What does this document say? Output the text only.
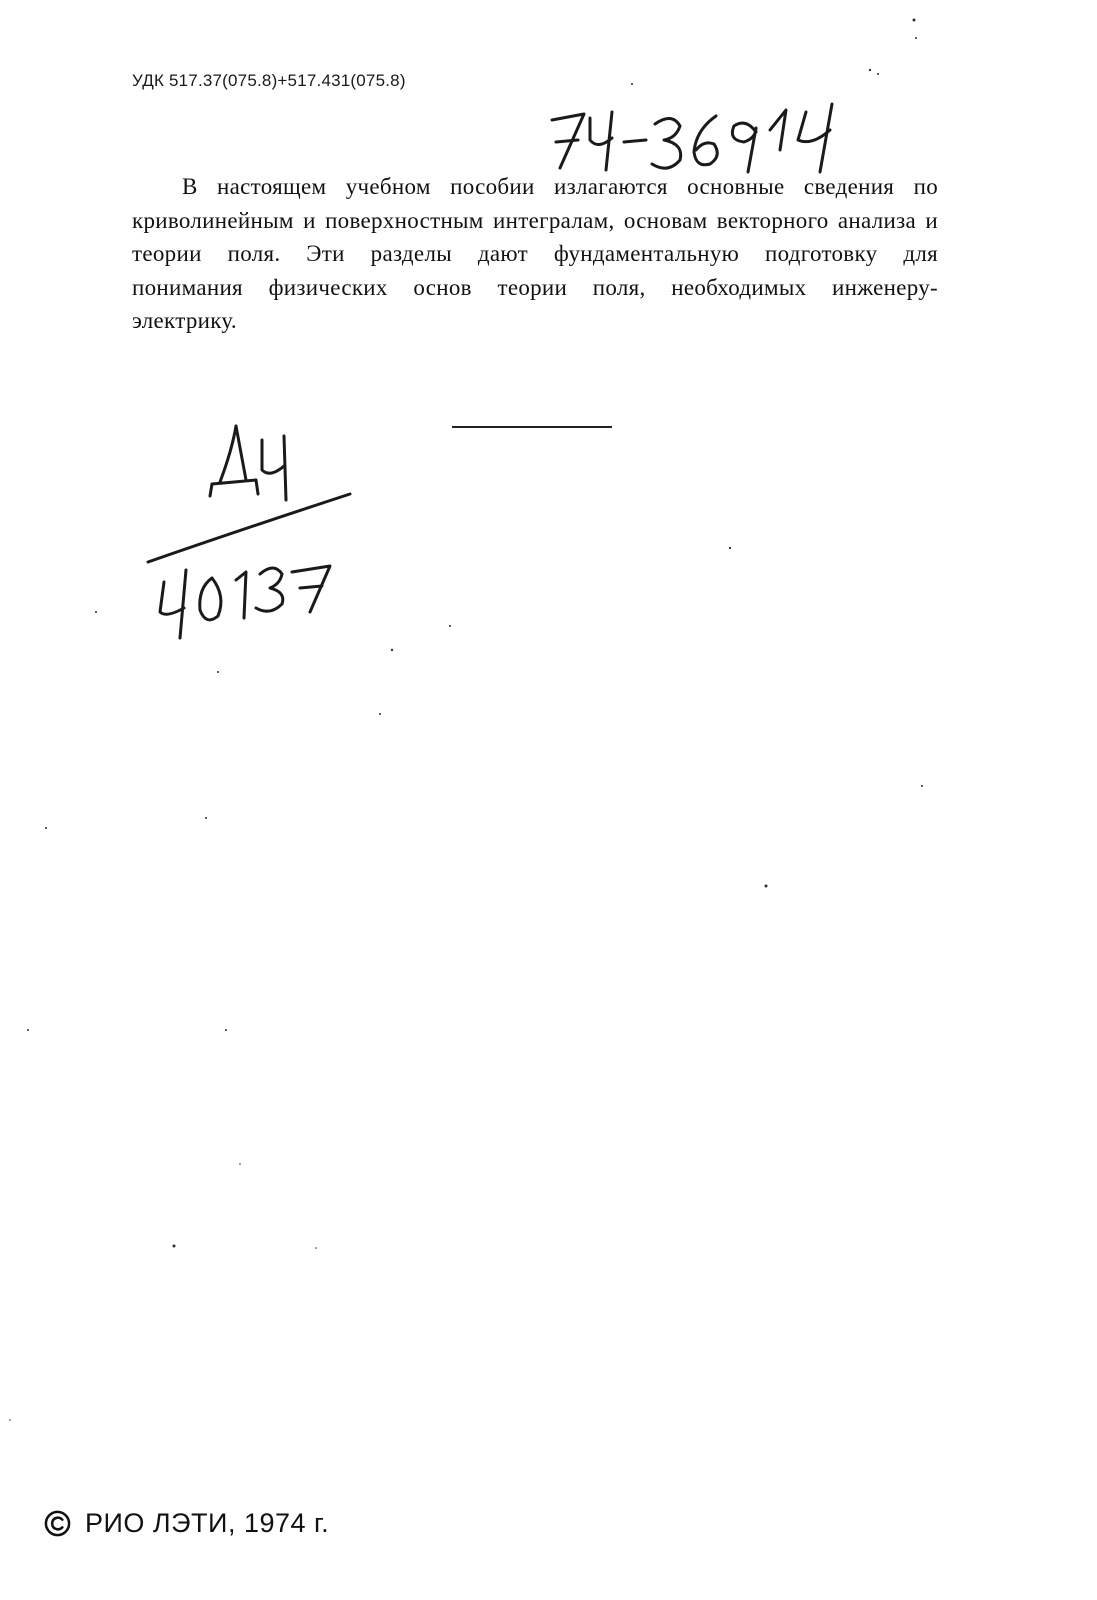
УДК 517.37(075.8)+517.431(075.8)

В настоящем учебном пособии излагаются основные сведения по криволинейным и поверхностным интегралам, основам векторного анализа и теории поля. Эти разделы дают фундаментальную подготовку для понимания физических основ теории поля, необходимых инженеру-электрику.

РИО ЛЭТИ, 1974 г.
